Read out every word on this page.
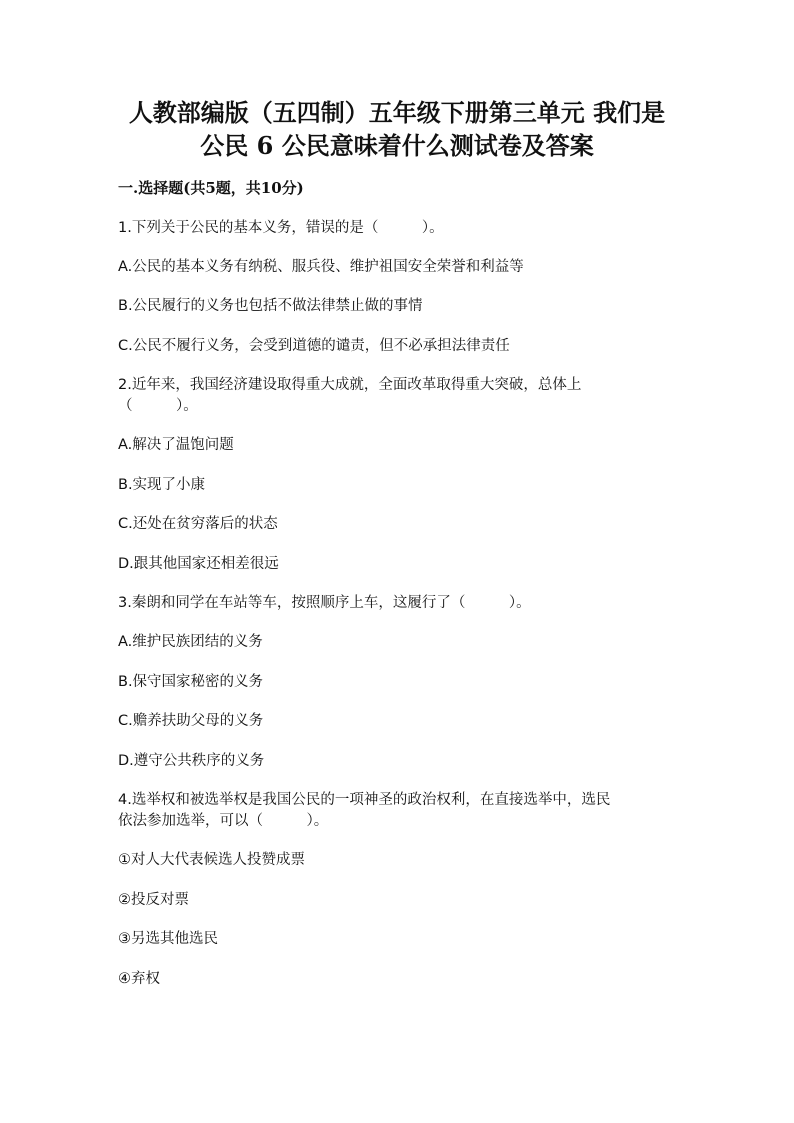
人教部编版（五四制）五年级下册第三单元 我们是
公民 6 公民意味着什么测试卷及答案
一.选择题(共5题，共10分)
1.下列关于公民的基本义务，错误的是（　　　）。
A.公民的基本义务有纳税、服兵役、维护祖国安全荣誉和利益等
B.公民履行的义务也包括不做法律禁止做的事情
C.公民不履行义务，会受到道德的谴责，但不必承担法律责任
2.近年来，我国经济建设取得重大成就，全面改革取得重大突破，总体上
（　　　）。
A.解决了温饱问题
B.实现了小康
C.还处在贫穷落后的状态
D.跟其他国家还相差很远
3.秦朗和同学在车站等车，按照顺序上车，这履行了（　　　）。
A.维护民族团结的义务
B.保守国家秘密的义务
C.赡养扶助父母的义务
D.遵守公共秩序的义务
4.选举权和被选举权是我国公民的一项神圣的政治权利，在直接选举中，选民
依法参加选举，可以（　　　）。
①对人大代表候选人投赞成票
②投反对票
③另选其他选民
④弃权
